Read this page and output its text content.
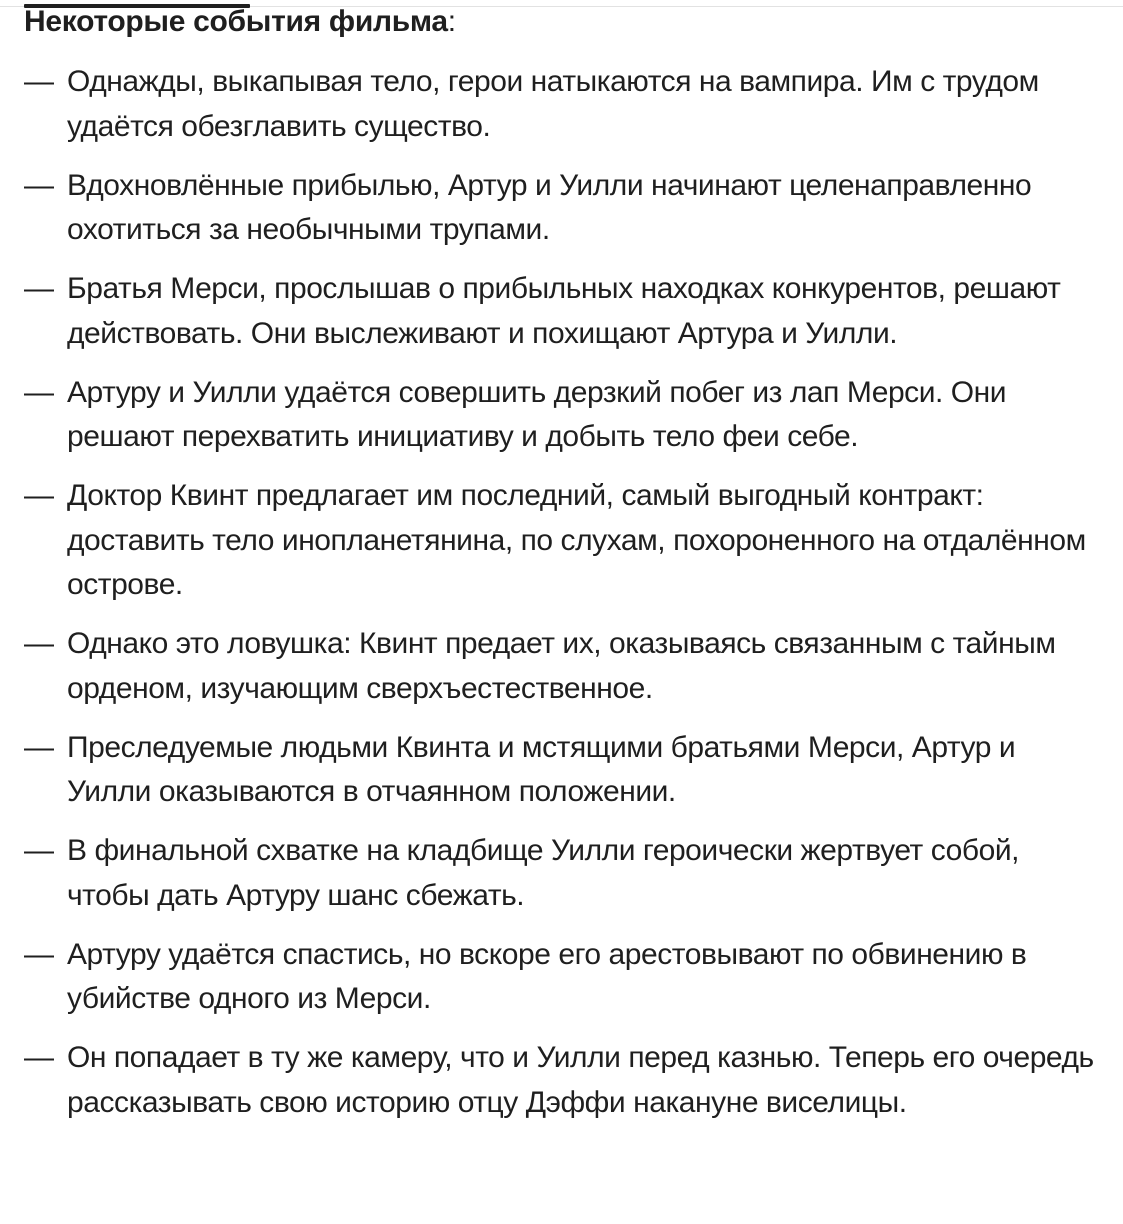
Некоторые события фильма:
— Однажды, выкапывая тело, герои натыкаются на вампира. Им с трудом удаётся обезглавить существо.
— Вдохновлённые прибылью, Артур и Уилли начинают целенаправленно охотиться за необычными трупами.
— Братья Мерси, прослышав о прибыльных находках конкурентов, решают действовать. Они выслеживают и похищают Артура и Уилли.
— Артуру и Уилли удаётся совершить дерзкий побег из лап Мерси. Они решают перехватить инициативу и добыть тело феи себе.
— Доктор Квинт предлагает им последний, самый выгодный контракт: доставить тело инопланетянина, по слухам, похороненного на отдалённом острове.
— Однако это ловушка: Квинт предает их, оказываясь связанным с тайным орденом, изучающим сверхъестественное.
— Преследуемые людьми Квинта и мстящими братьями Мерси, Артур и Уилли оказываются в отчаянном положении.
— В финальной схватке на кладбище Уилли героически жертвует собой, чтобы дать Артуру шанс сбежать.
— Артуру удаётся спастись, но вскоре его арестовывают по обвинению в убийстве одного из Мерси.
— Он попадает в ту же камеру, что и Уилли перед казнью. Теперь его очередь рассказывать свою историю отцу Дэффи накануне виселицы.
